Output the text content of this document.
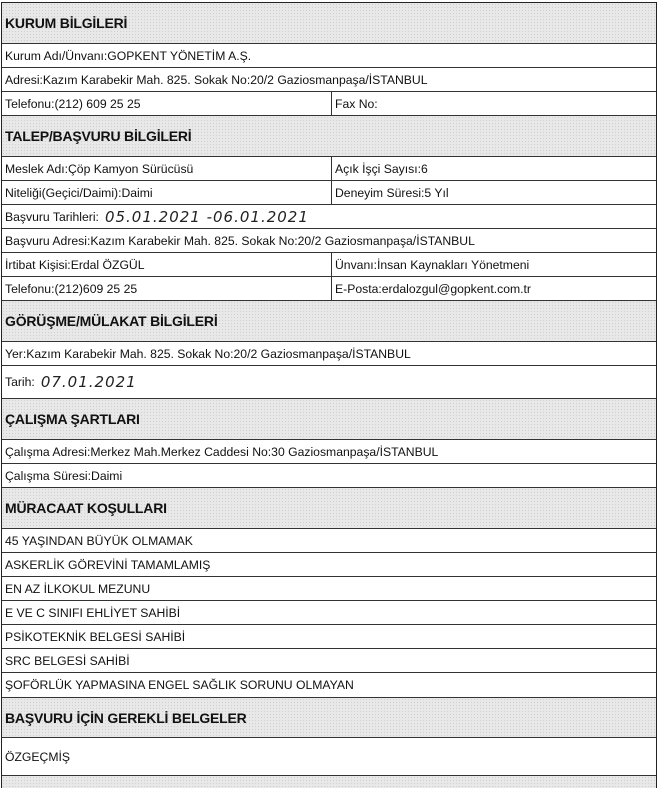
KURUM BİLGİLERİ
Kurum Adı/Ünvanı:GOPKENT YÖNETİM A.Ş.
Adresi:Kazım Karabekir Mah. 825. Sokak No:20/2 Gaziosmanpaşa/İSTANBUL
Telefonu:(212) 609 25 25	Fax No:
TALEP/BAŞVURU BİLGİLERİ
Meslek Adı:Çöp Kamyon Sürücüsü	Açık İşçi Sayısı:6
Niteliği(Geçici/Daimi):Daimi	Deneyim Süresi:5 Yıl
Başvuru Tarihleri: 05.01.2021 -06.01.2021
Başvuru Adresi:Kazım Karabekir Mah. 825. Sokak No:20/2 Gaziosmanpaşa/İSTANBUL
İrtibat Kişisi:Erdal ÖZGÜL	Ünvanı:İnsan Kaynakları Yönetmeni
Telefonu:(212)609 25 25	E-Posta:erdalozgul@gopkent.com.tr
GÖRÜŞME/MÜLAKAT BİLGİLERİ
Yer:Kazım Karabekir Mah. 825. Sokak No:20/2 Gaziosmanpaşa/İSTANBUL
Tarih: 07.01.2021
ÇALIŞMA ŞARTLARI
Çalışma Adresi:Merkez Mah.Merkez Caddesi No:30 Gaziosmanpaşa/İSTANBUL
Çalışma Süresi:Daimi
MÜRACAAT KOŞULLARI
45 YAŞINDAN BÜYÜK OLMAMAK
ASKERLİK GÖREVİNİ TAMAMLAMIŞ
EN AZ İLKOKUL MEZUNU
E VE C SINIFI EHLİYET SAHİBİ
PSİKOTEKNİK BELGESİ SAHİBİ
SRC BELGESİ SAHİBİ
ŞOFÖRLÜK YAPMASINA ENGEL SAĞLIK SORUNU OLMAYAN
BAŞVURU İÇİN GEREKLİ BELGELER
ÖZGEÇMİŞ
